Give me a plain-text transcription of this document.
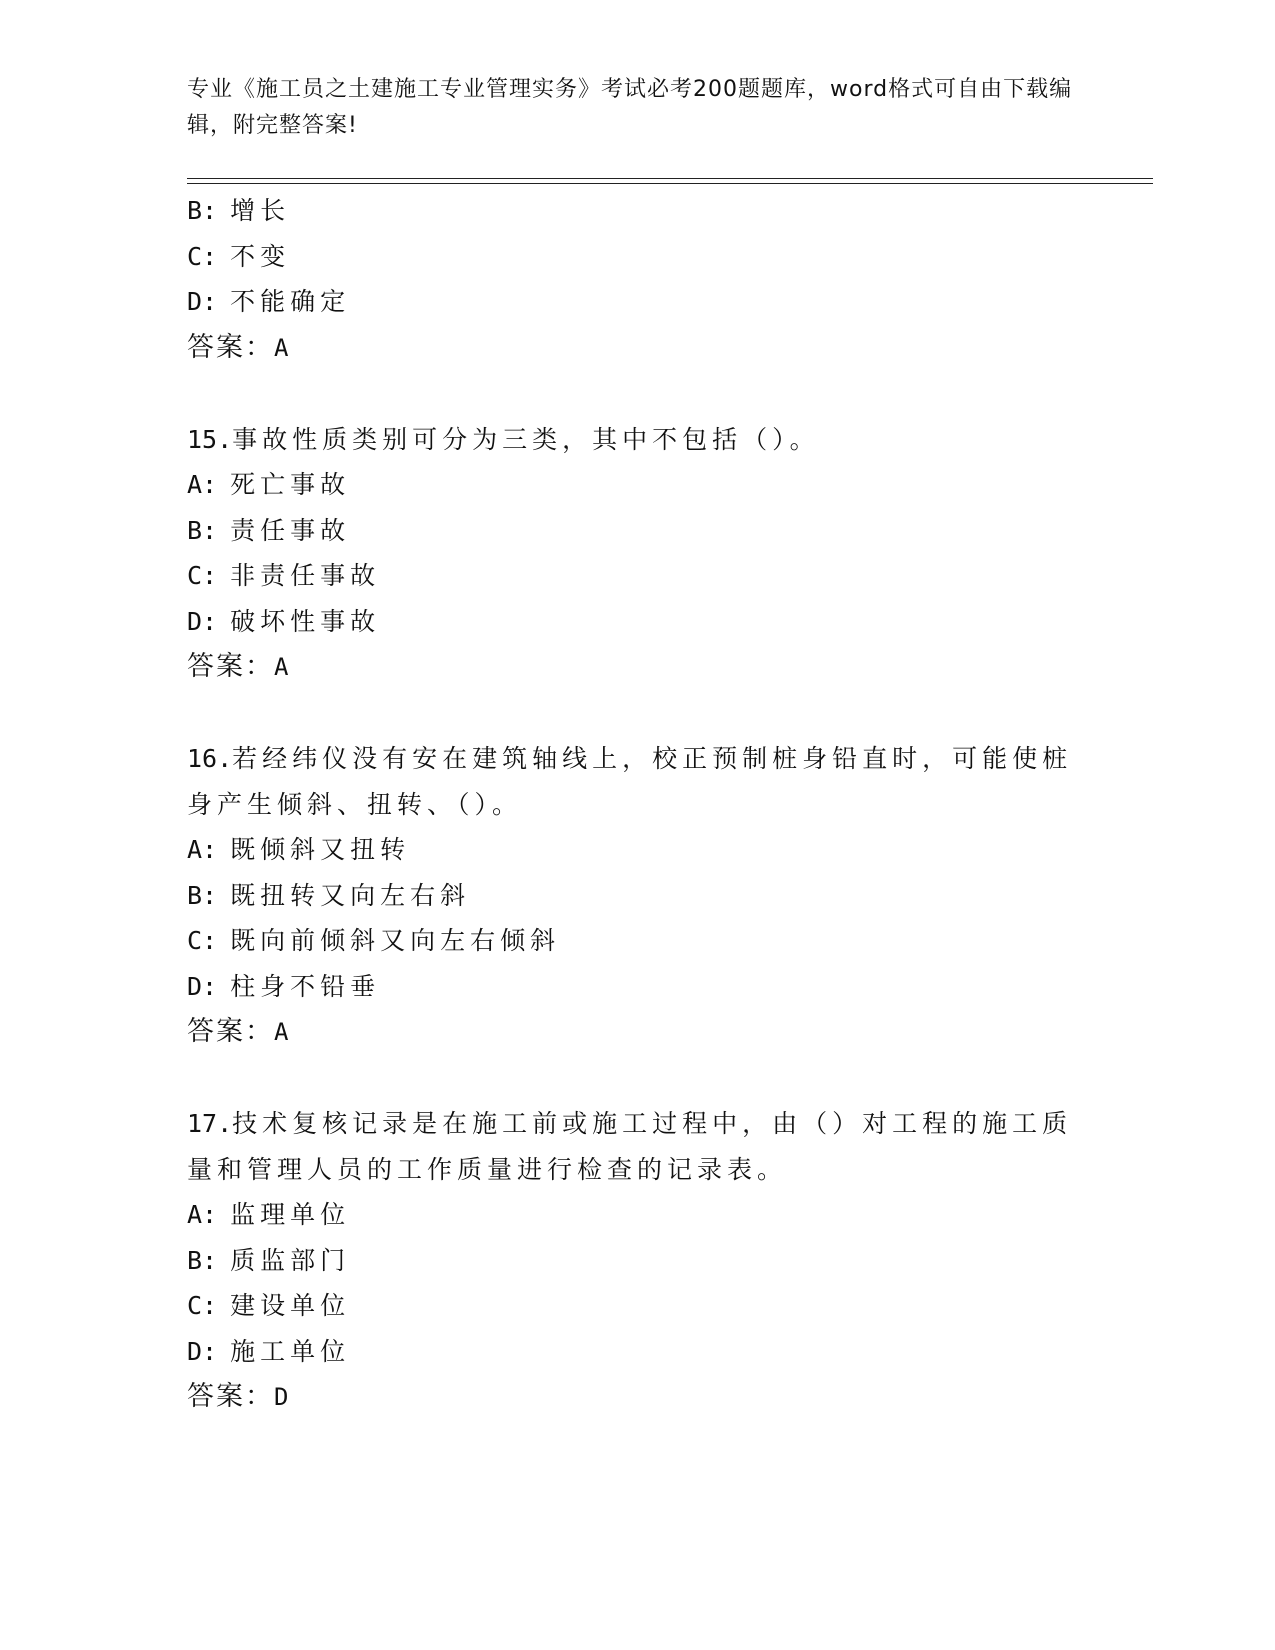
专业《施工员之土建施工专业管理实务》考试必考200题题库，word格式可自由下载编辑，附完整答案!
B: 增长
C: 不变
D: 不能确定
答案：A
15.事故性质类别可分为三类，其中不包括（）。
A: 死亡事故
B: 责任事故
C: 非责任事故
D: 破坏性事故
答案：A
16.若经纬仪没有安在建筑轴线上，校正预制桩身铅直时，可能使桩身产生倾斜、扭转、（）。
A: 既倾斜又扭转
B: 既扭转又向左右斜
C: 既向前倾斜又向左右倾斜
D: 柱身不铅垂
答案：A
17.技术复核记录是在施工前或施工过程中，由（）对工程的施工质量和管理人员的工作质量进行检查的记录表。
A: 监理单位
B: 质监部门
C: 建设单位
D: 施工单位
答案：D
